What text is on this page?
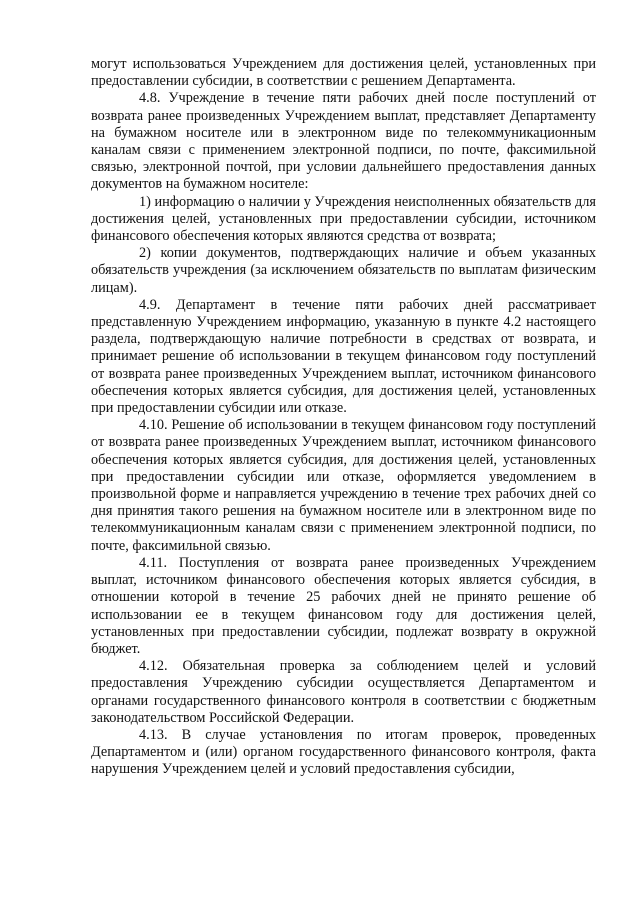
могут использоваться Учреждением для достижения целей, установленных при предоставлении субсидии, в соответствии с решением Департамента.

4.8. Учреждение в течение пяти рабочих дней после поступлений от возврата ранее произведенных Учреждением выплат, представляет Департаменту на бумажном носителе или в электронном виде по телекоммуникационным каналам связи с применением электронной подписи, по почте, факсимильной связью, электронной почтой, при условии дальнейшего предоставления данных документов на бумажном носителе:

1) информацию о наличии у Учреждения неисполненных обязательств для достижения целей, установленных при предоставлении субсидии, источником финансового обеспечения которых являются средства от возврата;

2) копии документов, подтверждающих наличие и объем указанных обязательств учреждения (за исключением обязательств по выплатам физическим лицам).

4.9. Департамент в течение пяти рабочих дней рассматривает представленную Учреждением информацию, указанную в пункте 4.2 настоящего раздела, подтверждающую наличие потребности в средствах от возврата, и принимает решение об использовании в текущем финансовом году поступлений от возврата ранее произведенных Учреждением выплат, источником финансового обеспечения которых является субсидия, для достижения целей, установленных при предоставлении субсидии или отказе.

4.10. Решение об использовании в текущем финансовом году поступлений от возврата ранее произведенных Учреждением выплат, источником финансового обеспечения которых является субсидия, для достижения целей, установленных при предоставлении субсидии или отказе, оформляется уведомлением в произвольной форме и направляется учреждению в течение трех рабочих дней со дня принятия такого решения на бумажном носителе или в электронном виде по телекоммуникационным каналам связи с применением электронной подписи, по почте, факсимильной связью.

4.11. Поступления от возврата ранее произведенных Учреждением выплат, источником финансового обеспечения которых является субсидия, в отношении которой в течение 25 рабочих дней не принято решение об использовании ее в текущем финансовом году для достижения целей, установленных при предоставлении субсидии, подлежат возврату в окружной бюджет.

4.12. Обязательная проверка за соблюдением целей и условий предоставления Учреждению субсидии осуществляется Департаментом и органами государственного финансового контроля в соответствии с бюджетным законодательством Российской Федерации.

4.13. В случае установления по итогам проверок, проведенных Департаментом и (или) органом государственного финансового контроля, факта нарушения Учреждением целей и условий предоставления субсидии,
